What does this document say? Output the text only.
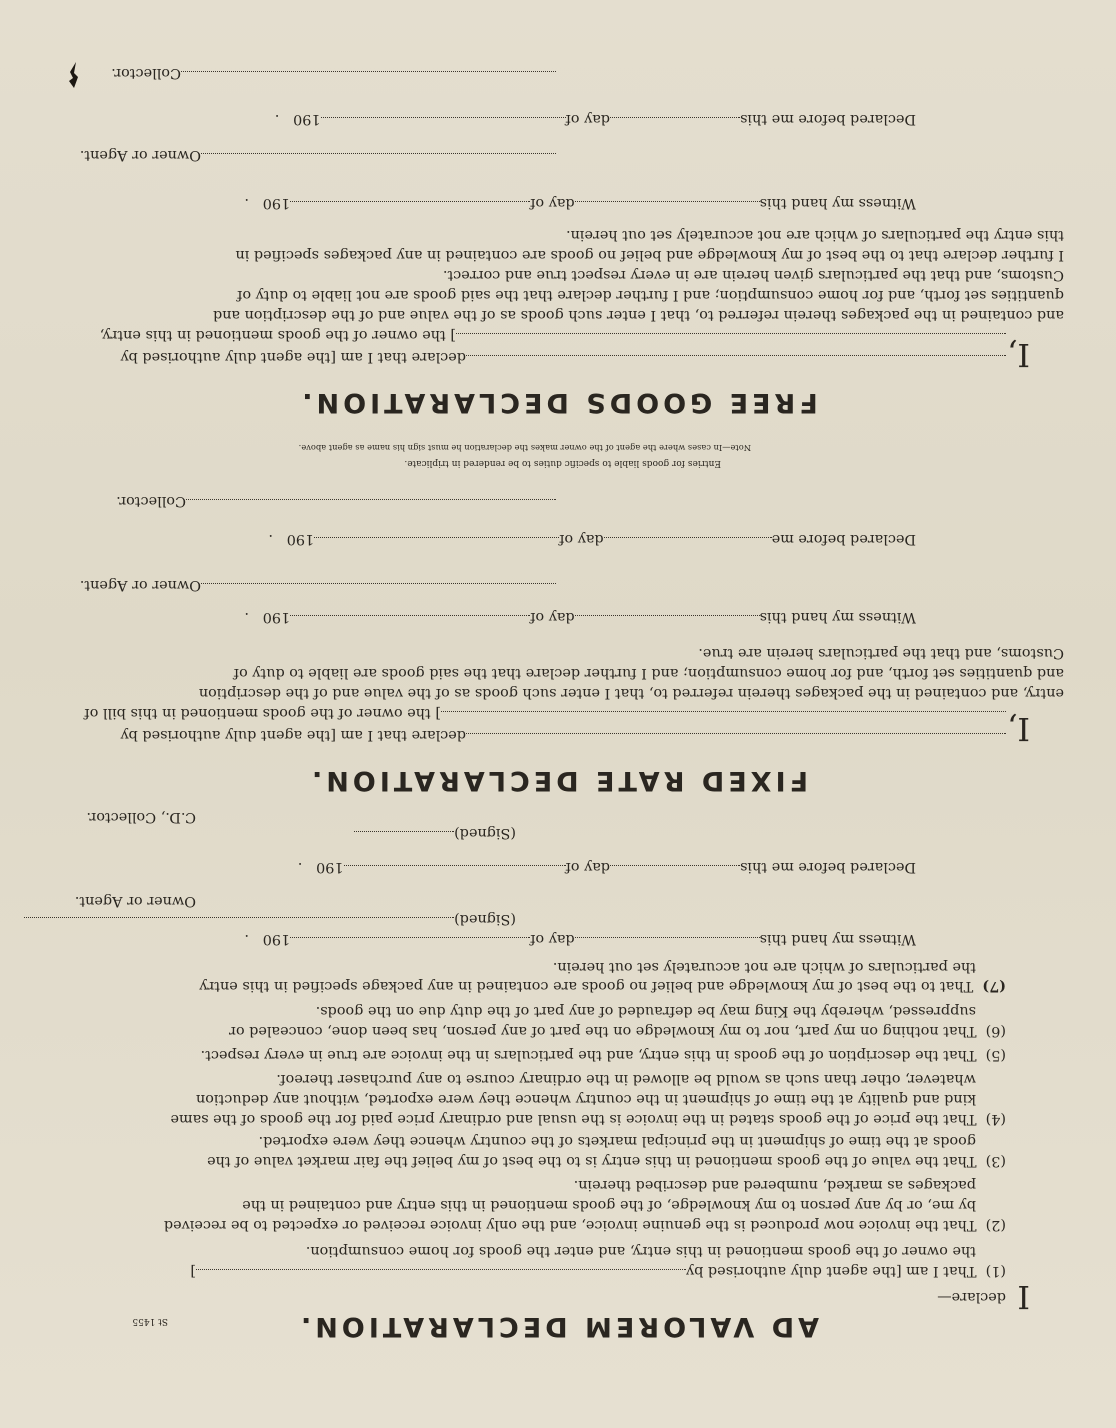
St 1455	AD VALOREM DECLARATION.
I
declare—
(1)  That I am [the agent duly authorised by]
the owner of the goods mentioned in this entry, and enter the goods for home consumption.
(2)  That the invoice now produced is the genuine invoice, and the only invoice received or expected to be received
by me, or by any person to my knowledge, of the goods mentioned in this entry and contained in the
packages as marked, numbered and described therein.
(3)  That the value of the goods mentioned in this entry is to the best of my belief the fair market value of the
goods at the time of shipment in the principal markets of the country whence they were exported.
(4)  That the price of the goods stated in the invoice is the usual and ordinary price paid for the goods of the same
kind and quality at the time of shipment in the country whence they were exported, without any deduction
whatever, other than such as would be allowed in the ordinary course to any purchaser thereof.
(5)  That the description of the goods in this entry, and the particulars in the invoice are true in every respect.
(6)  That nothing on my part, nor to my knowledge on the part of any person, has been done, concealed or
suppressed, whereby the King may be defrauded of any part of the duty due on the goods.
(7)  That to the best of my knowledge and belief no goods are contained in any package specified in this entry
the particulars of which are not accurately set out herein.
Witness my hand thisday of190   .
(Signed)
Owner or Agent.
Declared before me thisday of190   .
(Signed)
C.D., Collector.
FIXED RATE DECLARATION.
I,
declare that I am [the agent duly authorised by
] the owner of the goods mentioned in this bill of
entry, and contained in the packages therein referred to, that I enter such goods as of the value and of the description
and quantities set forth, and for home consumption; and I further declare that the said goods are liable to duty of
Customs, and that the particulars herein are true.
Witness my hand thisday of190   .
Owner or Agent.
Declared before meday of190   .
Collector.
Entries for goods liable to specific duties to be rendered in triplicate.
Note—In cases where the agent of the owner makes the declaration he must sign his name as agent above.
FREE GOODS DECLARATION.
I,
declare that I am [the agent duly authorised by
] the owner of the goods mentioned in this entry,
and contained in the packages therein referred to, that I enter such goods as of the value and of the description and
quantities set forth, and for home consumption; and I further declare that the said goods are not liable to duty of
Customs, and that the particulars given herein are in every respect true and correct.
I further declare that to the best of my knowledge and belief no goods are contained in any packages specified in
this entry the particulars of which are not accurately set out herein.
Witness my hand thisday of190   .
Owner or Agent.
Declared before me thisday of190   .
Collector.
